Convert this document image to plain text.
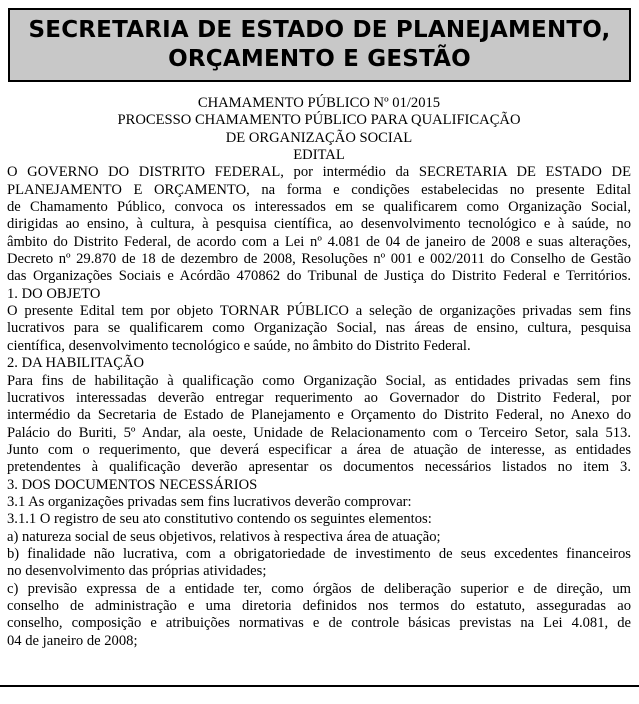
SECRETARIA DE ESTADO DE PLANEJAMENTO,
ORÇAMENTO E GESTÃO
CHAMAMENTO PÚBLICO Nº 01/2015
PROCESSO CHAMAMENTO PÚBLICO PARA QUALIFICAÇÃO
DE ORGANIZAÇÃO SOCIAL
EDITAL
O GOVERNO DO DISTRITO FEDERAL, por intermédio da SECRETARIA DE ESTADO DE
PLANEJAMENTO E ORÇAMENTO, na forma e condições estabelecidas no presente Edital
de Chamamento Público, convoca os interessados em se qualificarem como Organização Social,
dirigidas ao ensino, à cultura, à pesquisa científica, ao desenvolvimento tecnológico e à saúde, no
âmbito do Distrito Federal, de acordo com a Lei nº 4.081 de 04 de janeiro de 2008 e suas alterações,
Decreto nº 29.870 de 18 de dezembro de 2008, Resoluções nº 001 e 002/2011 do Conselho de Gestão
das Organizações Sociais e Acórdão 470862 do Tribunal de Justiça do Distrito Federal e Territórios.
1. DO OBJETO
O presente Edital tem por objeto TORNAR PÚBLICO a seleção de organizações privadas sem fins
lucrativos para se qualificarem como Organização Social, nas áreas de ensino, cultura, pesquisa
científica, desenvolvimento tecnológico e saúde, no âmbito do Distrito Federal.
2. DA HABILITAÇÃO
Para fins de habilitação à qualificação como Organização Social, as entidades privadas sem fins
lucrativos interessadas deverão entregar requerimento ao Governador do Distrito Federal, por
intermédio da Secretaria de Estado de Planejamento e Orçamento do Distrito Federal, no Anexo do
Palácio do Buriti, 5º Andar, ala oeste, Unidade de Relacionamento com o Terceiro Setor, sala 513.
Junto com o requerimento, que deverá especificar a área de atuação de interesse, as entidades
pretendentes à qualificação deverão apresentar os documentos necessários listados no item 3.
3. DOS DOCUMENTOS NECESSÁRIOS
3.1 As organizações privadas sem fins lucrativos deverão comprovar:
3.1.1 O registro de seu ato constitutivo contendo os seguintes elementos:
a) natureza social de seus objetivos, relativos à respectiva área de atuação;
b) finalidade não lucrativa, com a obrigatoriedade de investimento de seus excedentes financeiros
no desenvolvimento das próprias atividades;
c) previsão expressa de a entidade ter, como órgãos de deliberação superior e de direção, um
conselho de administração e uma diretoria definidos nos termos do estatuto, asseguradas ao
conselho, composição e atribuições normativas e de controle básicas previstas na Lei 4.081, de
04 de janeiro de 2008;
